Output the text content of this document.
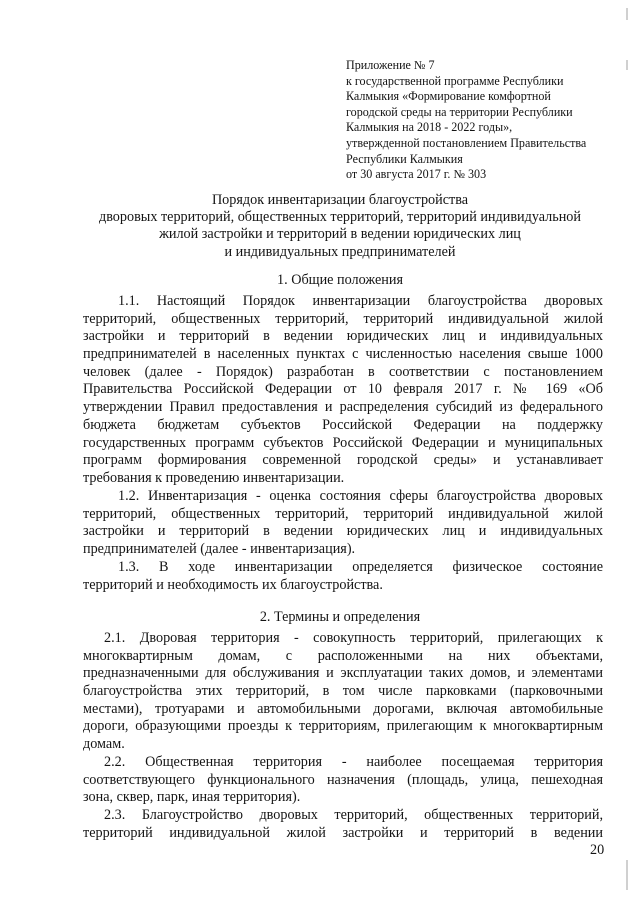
Приложение № 7
к государственной программе Республики
Калмыкия «Формирование комфортной
городской среды на территории Республики
Калмыкия на 2018 - 2022 годы»,
утвержденной постановлением Правительства
Республики Калмыкия
от 30 августа 2017 г. № 303
Порядок инвентаризации благоустройства
дворовых территорий, общественных территорий, территорий индивидуальной
жилой застройки и территорий в ведении юридических лиц
и индивидуальных предпринимателей
1. Общие положения
1.1. Настоящий Порядок инвентаризации благоустройства дворовых
территорий, общественных территорий, территорий индивидуальной жилой
застройки и территорий в ведении юридических лиц и индивидуальных
предпринимателей в населенных пунктах с численностью населения свыше 1000
человек (далее - Порядок) разработан в соответствии с постановлением
Правительства Российской Федерации от 10 февраля 2017 г. № 169 «Об
утверждении Правил предоставления и распределения субсидий из федерального
бюджета бюджетам субъектов Российской Федерации на поддержку
государственных программ субъектов Российской Федерации и муниципальных
программ формирования современной городской среды» и устанавливает
требования к проведению инвентаризации.
1.2. Инвентаризация - оценка состояния сферы благоустройства дворовых
территорий, общественных территорий, территорий индивидуальной жилой
застройки и территорий в ведении юридических лиц и индивидуальных
предпринимателей (далее - инвентаризация).
1.3. В ходе инвентаризации определяется физическое состояние
территорий и необходимость их благоустройства.
2. Термины и определения
2.1. Дворовая территория - совокупность территорий, прилегающих к
многоквартирным домам, с расположенными на них объектами,
предназначенными для обслуживания и эксплуатации таких домов, и элементами
благоустройства этих территорий, в том числе парковками (парковочными
местами), тротуарами и автомобильными дорогами, включая автомобильные
дороги, образующими проезды к территориям, прилегающим к многоквартирным
домам.
2.2. Общественная территория - наиболее посещаемая территория
соответствующего функционального назначения (площадь, улица, пешеходная
зона, сквер, парк, иная территория).
2.3. Благоустройство дворовых территорий, общественных территорий,
территорий индивидуальной жилой застройки и территорий в ведении
20
